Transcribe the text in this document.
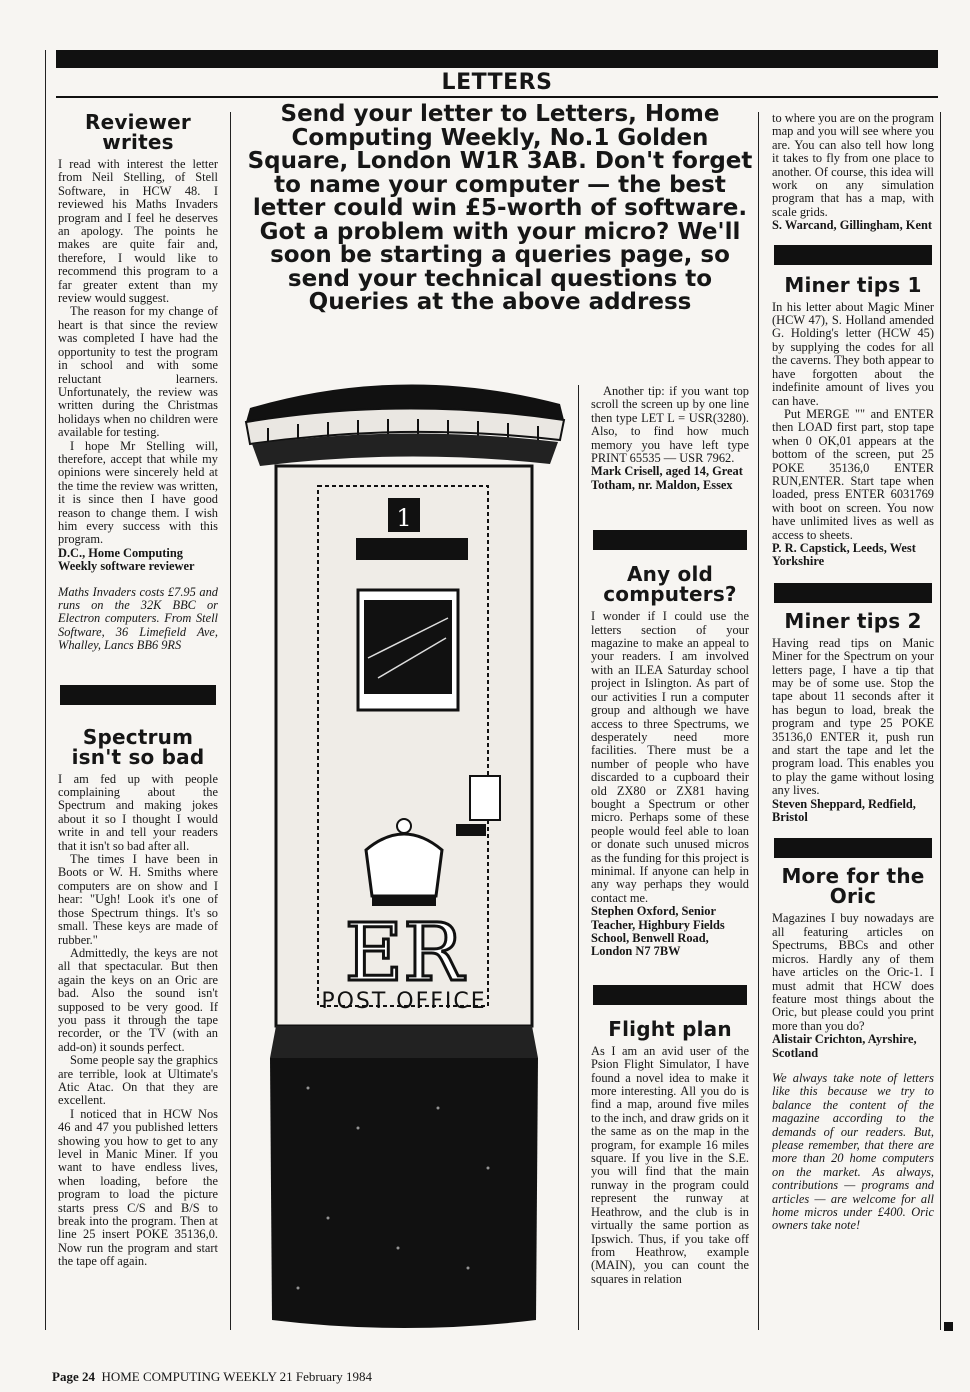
LETTERS
Reviewer writes

I read with interest the letter from Neil Stelling, of Stell Software, in HCW 48. I reviewed his Maths Invaders program and I feel he deserves an apology. The points he makes are quite fair and, therefore, I would like to recommend this program to a far greater extent than my review would suggest.

The reason for my change of heart is that since the review was completed I have had the opportunity to test the program in school and with some reluctant learners. Unfortunately, the review was written during the Christmas holidays when no children were available for testing.

I hope Mr Stelling will, therefore, accept that while my opinions were sincerely held at the time the review was written, it is since then I have good reason to change them. I wish him every success with this program.

D.C., Home Computing Weekly software reviewer

Maths Invaders costs £7.95 and runs on the 32K BBC or Electron computers. From Stell Software, 36 Limefield Ave, Whalley, Lancs BB6 9RS

Spectrum isn't so bad

I am fed up with people complaining about the Spectrum and making jokes about it so I thought I would write in and tell your readers that it isn't so bad after all.

The times I have been in Boots or W. H. Smiths where computers are on show and I hear: "Ugh! Look it's one of those Spectrum things. It's so small. These keys are made of rubber."

Admittedly, the keys are not all that spectacular. But then again the keys on an Oric are bad. Also the sound isn't supposed to be very good. If you pass it through the tape recorder, or the TV (with an add-on) it sounds perfect.

Some people say the graphics are terrible, look at Ultimate's Atic Atac. On that they are excellent.

I noticed that in HCW Nos 46 and 47 you published letters showing you how to get to any level in Manic Miner. If you want to have endless lives, when loading, before the program to load the picture starts press C/S and B/S to break into the program. Then at line 25 insert POKE 35136,0. Now run the program and start the tape off again.

Send your letter to Letters, Home Computing Weekly, No.1 Golden Square, London W1R 3AB. Don't forget to name your computer — the best letter could win £5-worth of software. Got a problem with your micro? We'll soon be starting a queries page, so send your technical questions to Queries at the above address
1
ER
POST OFFICE

Another tip: if you want top scroll the screen up by one line then type LET L = USR(3280). Also, to find how much memory you have left type PRINT 65535 — USR 7962.

Mark Crisell, aged 14, Great Totham, nr. Maldon, Essex

Any old computers?

I wonder if I could use the letters section of your magazine to make an appeal to your readers. I am involved with an ILEA Saturday school project in Islington. As part of our activities I run a computer group and although we have access to three Spectrums, we desperately need more facilities. There must be a number of people who have discarded to a cupboard their old ZX80 or ZX81 having bought a Spectrum or other micro. Perhaps some of these people would feel able to loan or donate such unused micros as the funding for this project is minimal. If anyone can help in any way perhaps they would contact me.

Stephen Oxford, Senior Teacher, Highbury Fields School, Benwell Road, London N7 7BW

Flight plan

As I am an avid user of the Psion Flight Simulator, I have found a novel idea to make it more interesting. All you do is find a map, around five miles to the inch, and draw grids on it the same as on the map in the program, for example 16 miles square. If you live in the S.E. you will find that the main runway in the program could represent the runway at Heathrow, and the club is in virtually the same portion as Ipswich. Thus, if you take off from Heathrow, example (MAIN), you can count the squares in relation

to where you are on the program map and you will see where you are. You can also tell how long it takes to fly from one place to another. Of course, this idea will work on any simulation program that has a map, with scale grids.

S. Warcand, Gillingham, Kent

Miner tips 1

In his letter about Magic Miner (HCW 47), S. Holland amended G. Holding's letter (HCW 45) by supplying the codes for all the caverns. They both appear to have forgotten about the indefinite amount of lives you can have.

Put MERGE "" and ENTER then LOAD first part, stop tape when 0 OK,01 appears at the bottom of the screen, put 25 POKE 35136,0 ENTER RUN,ENTER. Start tape when loaded, press ENTER 6031769 with boot on screen. You now have unlimited lives as well as access to sheets.

P. R. Capstick, Leeds, West Yorkshire

Miner tips 2

Having read tips on Manic Miner for the Spectrum on your letters page, I have a tip that may be of some use. Stop the tape about 11 seconds after it has begun to load, break the program and type 25 POKE 35136,0 ENTER it, push run and start the tape and let the program load. This enables you to play the game without losing any lives.

Steven Sheppard, Redfield, Bristol

More for the Oric

Magazines I buy nowadays are all featuring articles on Spectrums, BBCs and other micros. Hardly any of them have articles on the Oric-1. I must admit that HCW does feature most things about the Oric, but please could you print more than you do?

Alistair Crichton, Ayrshire, Scotland

We always take note of letters like this because we try to balance the content of the magazine according to the demands of our readers. But, please remember, that there are more than 20 home computers on the market. As always, contributions — programs and articles — are welcome for all home micros under £400. Oric owners take note!

Page 24 HOME COMPUTING WEEKLY 21 February 1984
